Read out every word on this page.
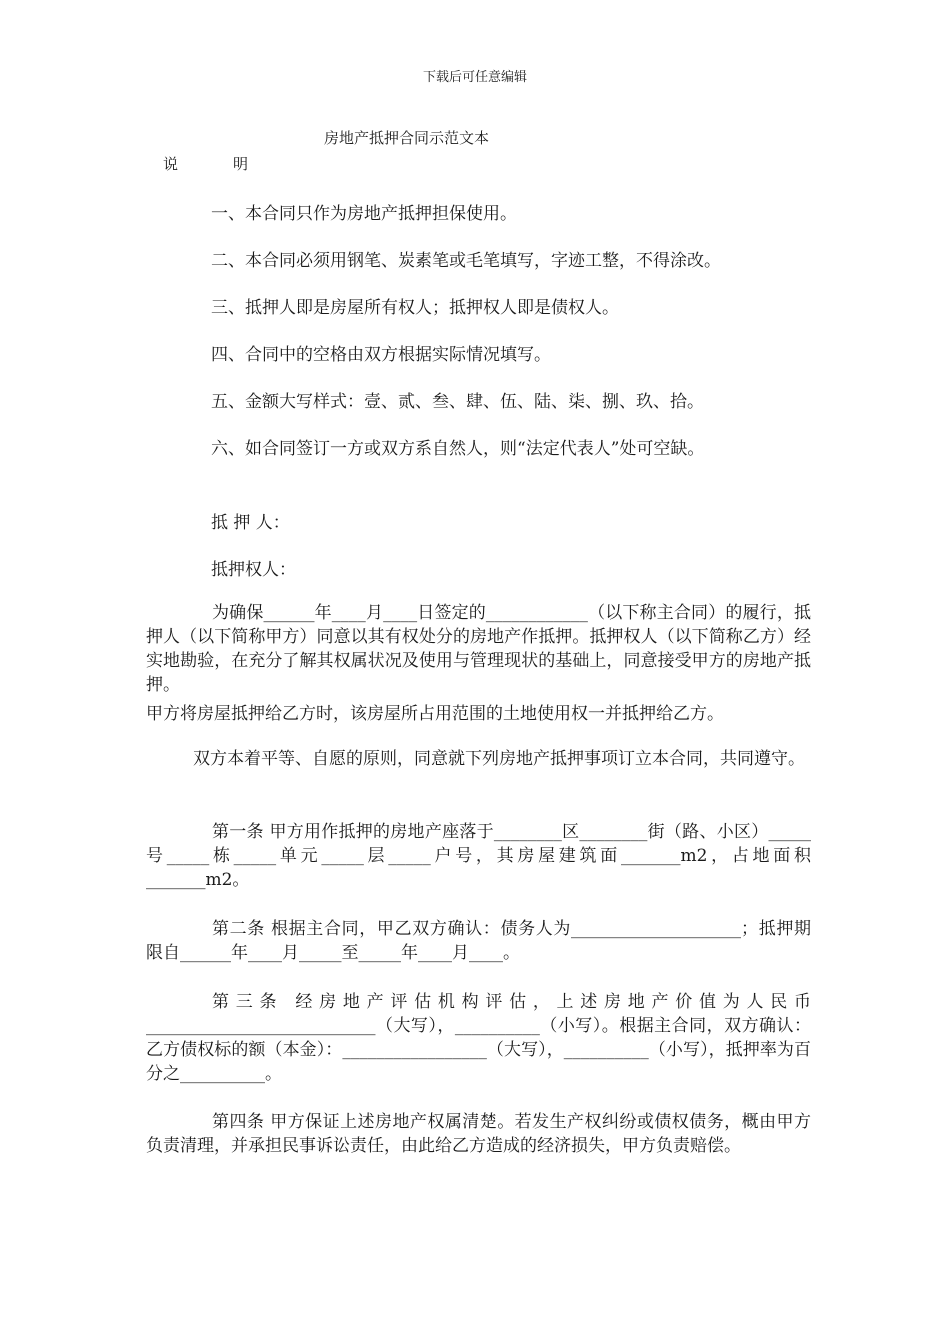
下载后可任意编辑
房地产抵押合同示范文本
说	明
一、本合同只作为房地产抵押担保使用。
二、本合同必须用钢笔、炭素笔或毛笔填写，字迹工整，不得涂改。
三、抵押人即是房屋所有权人；抵押权人即是债权人。
四、合同中的空格由双方根据实际情况填写。
五、金额大写样式：壹、贰、叁、肆、伍、陆、柒、捌、玖、拾。
六、如合同签订一方或双方系自然人，则“法定代表人”处可空缺。
抵 押 人：
抵押权人：

为确保______年____月____日签定的____________（以下称主合同）的履行，抵押人（以下简称甲方）同意以其有权处分的房地产作抵押。抵押权人（以下简称乙方）经实地勘验，在充分了解其权属状况及使用与管理现状的基础上，同意接受甲方的房地产抵押。

甲方将房屋抵押给乙方时，该房屋所占用范围的土地使用权一并抵押给乙方。

双方本着平等、自愿的原则，同意就下列房地产抵押事项订立本合同，共同遵守。

第一条 甲方用作抵押的房地产座落于________区________街（路、小区）_____号_____栋_____单元_____层_____户号，其房屋建筑面_______m2，占地面积_______m2。

第二条 根据主合同，甲乙双方确认：债务人为____________________；抵押期限自______年____月_____至_____年____月____。

第三条 经房地产评估机构评估，上述房地产价值为人民币___________________________（大写），__________（小写）。根据主合同，双方确认：乙方债权标的额（本金）：_________________（大写），__________（小写），抵押率为百分之__________。

第四条 甲方保证上述房地产权属清楚。若发生产权纠纷或债权债务，概由甲方负责清理，并承担民事诉讼责任，由此给乙方造成的经济损失，甲方负责赔偿。
